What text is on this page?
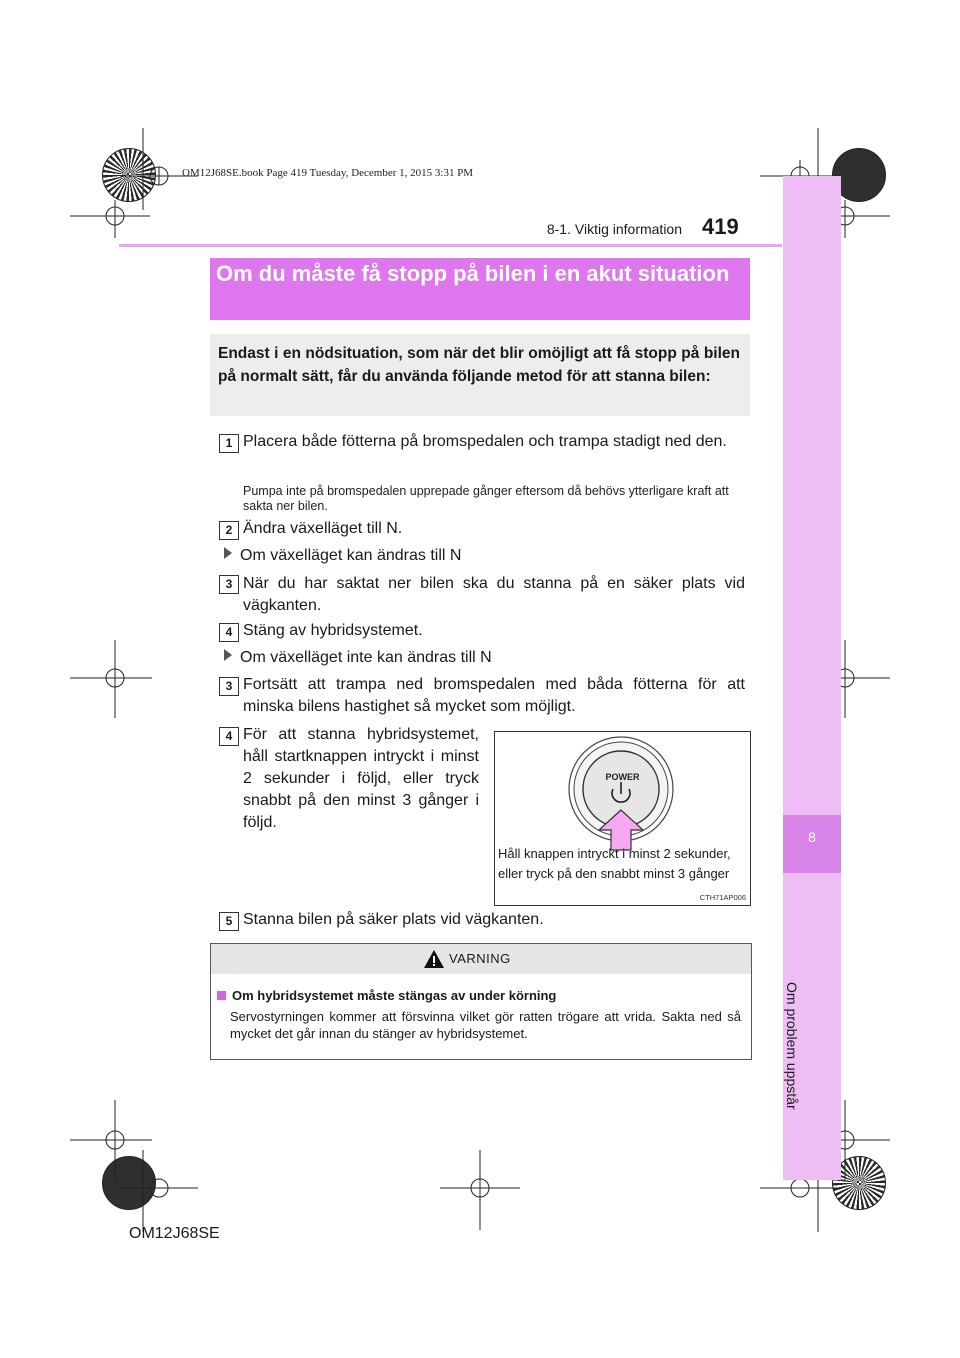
OM12J68SE.book Page 419 Tuesday, December 1, 2015 3:31 PM
8-1. Viktig information 419
8
Om problem uppstår
Om du måste få stopp på bilen i en akut situation
Endast i en nödsituation, som när det blir omöjligt att få stopp på bilen på normalt sätt, får du använda följande metod för att stanna bilen:
1 Placera både fötterna på bromspedalen och trampa stadigt ned den.
Pumpa inte på bromspedalen upprepade gånger eftersom då behövs ytterligare kraft att sakta ner bilen.
2 Ändra växelläget till N.
Om växelläget kan ändras till N
3 När du har saktat ner bilen ska du stanna på en säker plats vid vägkanten.
4 Stäng av hybridsystemet.
Om växelläget inte kan ändras till N
3 Fortsätt att trampa ned bromspedalen med båda fötterna för att minska bilens hastighet så mycket som möjligt.
4 För att stanna hybridsystemet, håll startknappen intryckt i minst 2 sekunder i följd, eller tryck snabbt på den minst 3 gånger i följd.
POWER
Håll knappen intryckt i minst 2 sekunder, eller tryck på den snabbt minst 3 gånger
CTH71AP006
5 Stanna bilen på säker plats vid vägkanten.
VARNING
Om hybridsystemet måste stängas av under körning
Servostyrningen kommer att försvinna vilket gör ratten trögare att vrida. Sakta ned så mycket det går innan du stänger av hybridsystemet.
OM12J68SE
